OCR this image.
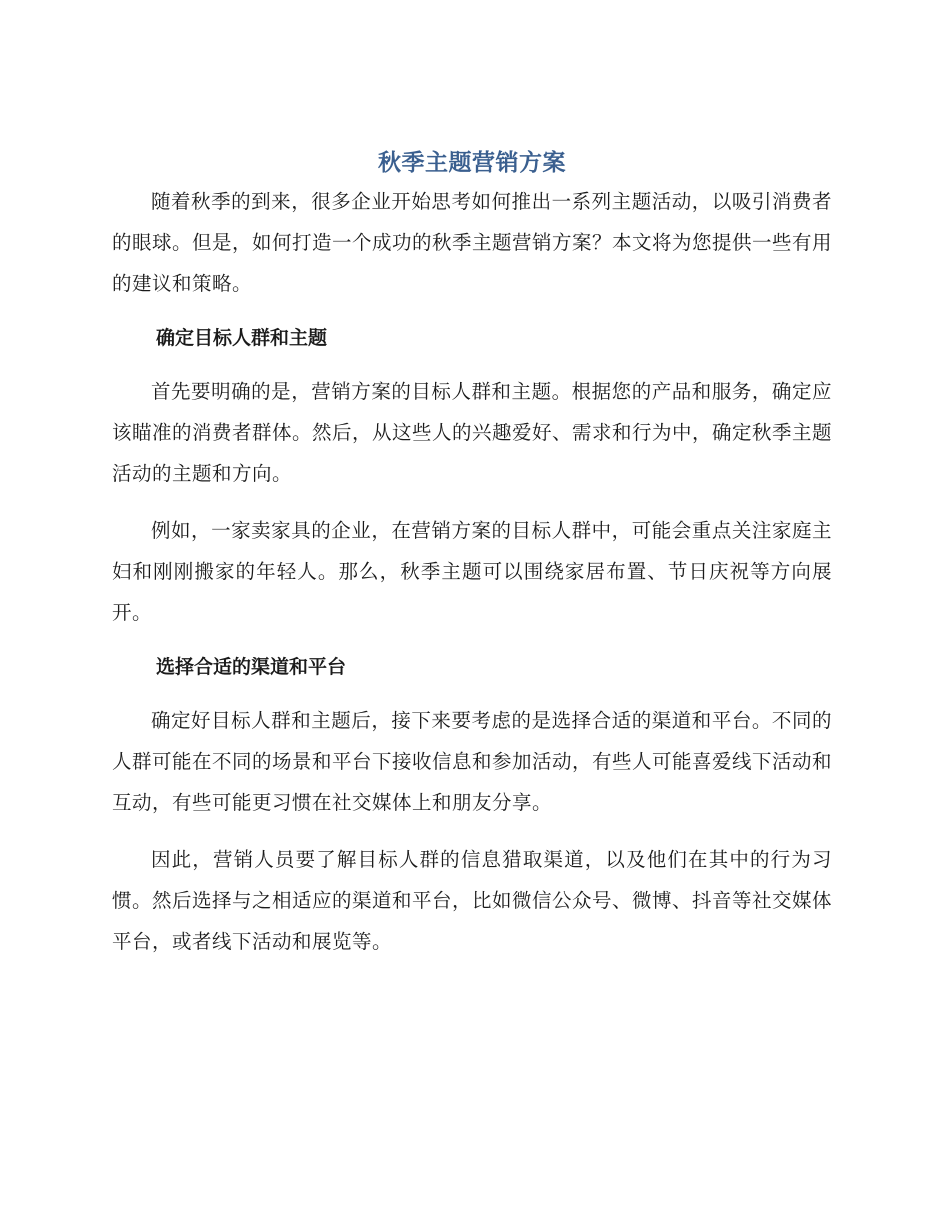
秋季主题营销方案

随着秋季的到来，很多企业开始思考如何推出一系列主题活动，以吸引消费者的眼球。但是，如何打造一个成功的秋季主题营销方案？本文将为您提供一些有用的建议和策略。

确定目标人群和主题

首先要明确的是，营销方案的目标人群和主题。根据您的产品和服务，确定应该瞄准的消费者群体。然后，从这些人的兴趣爱好、需求和行为中，确定秋季主题活动的主题和方向。

例如，一家卖家具的企业，在营销方案的目标人群中，可能会重点关注家庭主妇和刚刚搬家的年轻人。那么，秋季主题可以围绕家居布置、节日庆祝等方向展开。

选择合适的渠道和平台

确定好目标人群和主题后，接下来要考虑的是选择合适的渠道和平台。不同的人群可能在不同的场景和平台下接收信息和参加活动，有些人可能喜爱线下活动和互动，有些可能更习惯在社交媒体上和朋友分享。

因此，营销人员要了解目标人群的信息猎取渠道，以及他们在其中的行为习惯。然后选择与之相适应的渠道和平台，比如微信公众号、微博、抖音等社交媒体平台，或者线下活动和展览等。
